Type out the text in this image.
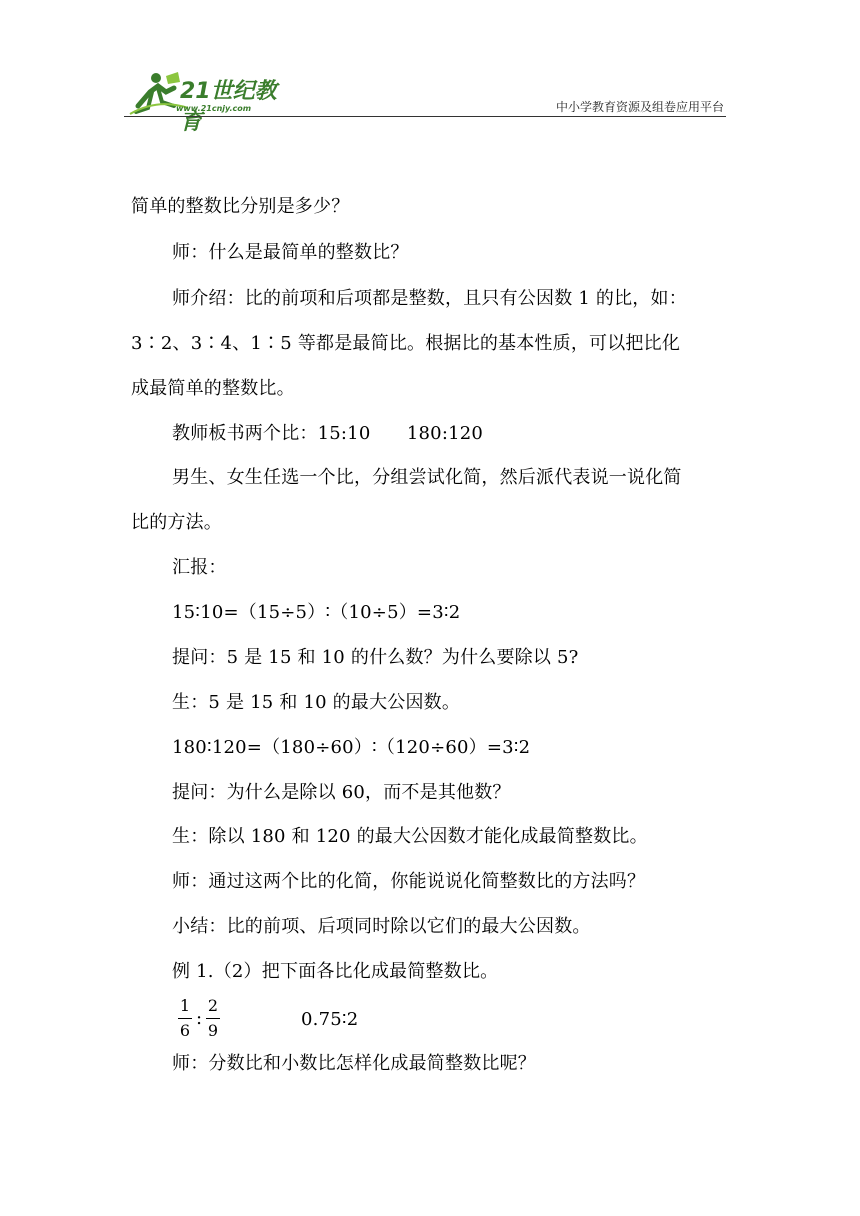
21世纪教育
www.21cnjy.com	中小学教育资源及组卷应用平台
简单的整数比分别是多少？
师：什么是最简单的整数比？
师介绍：比的前项和后项都是整数，且只有公因数 1 的比，如：
3∶2、3∶4、1∶5 等都是最简比。根据比的基本性质，可以把比化
成最简单的整数比。
教师板书两个比：15:10　　180:120
男生、女生任选一个比，分组尝试化简，然后派代表说一说化简
比的方法。
汇报：
15∶10=（15÷5）∶（10÷5）=3∶2
提问：5 是 15 和 10 的什么数？为什么要除以 5?
生：5 是 15 和 10 的最大公因数。
180∶120=（180÷60）∶（120÷60）=3∶2
提问：为什么是除以 60，而不是其他数？
生：除以 180 和 120 的最大公因数才能化成最简整数比。
师：通过这两个比的化简，你能说说化简整数比的方法吗？
小结：比的前项、后项同时除以它们的最大公因数。
例 1.（2）把下面各比化成最简整数比。
1
6
:
2
9
0.75∶2
师：分数比和小数比怎样化成最简整数比呢？
